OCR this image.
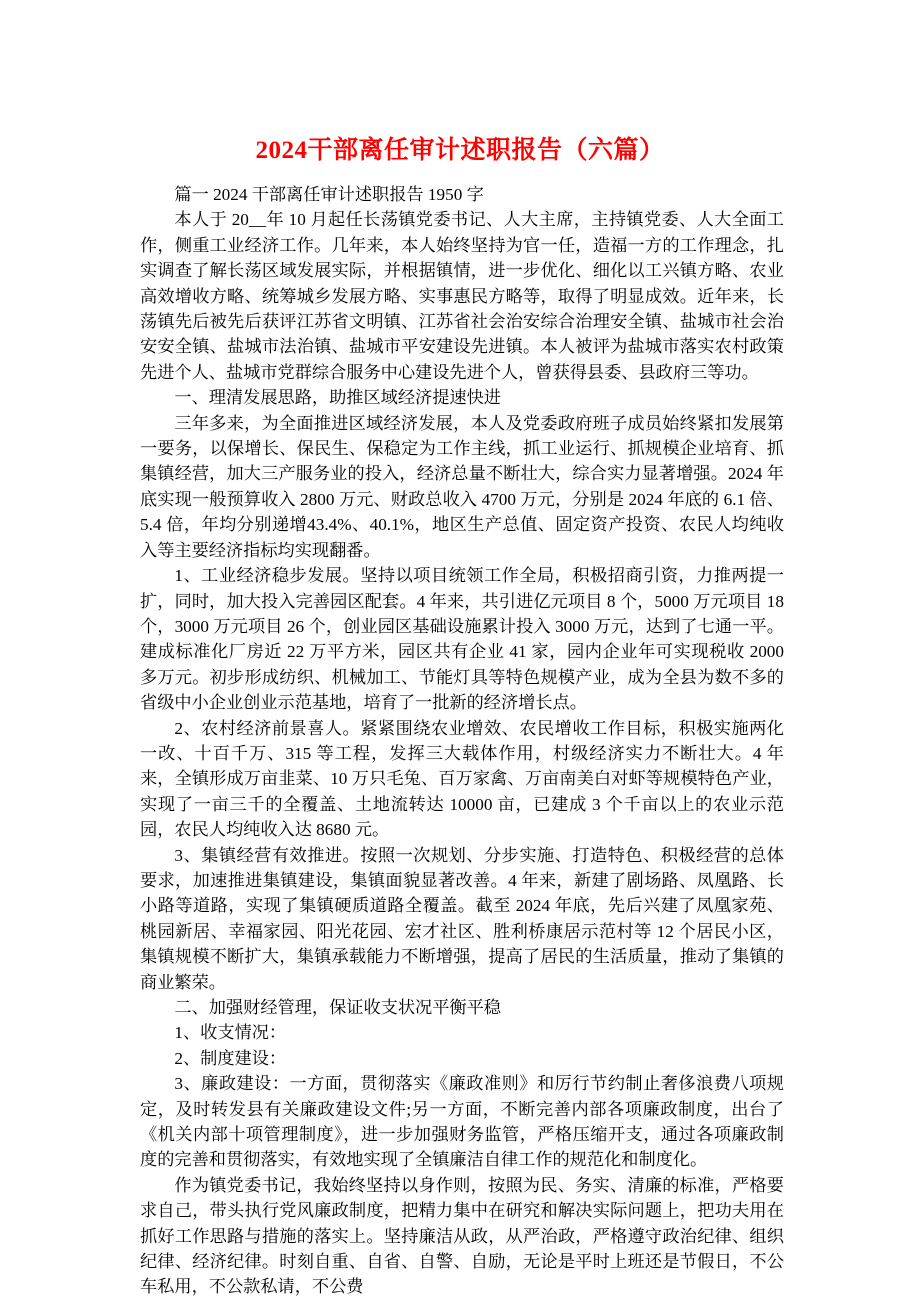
2024干部离任审计述职报告（六篇）

篇一 2024 干部离任审计述职报告 1950 字

本人于 20__年 10 月起任长荡镇党委书记、人大主席，主持镇党委、人大全面工作，侧重工业经济工作。几年来，本人始终坚持为官一任，造福一方的工作理念，扎实调查了解长荡区域发展实际，并根据镇情，进一步优化、细化以工兴镇方略、农业高效增收方略、统筹城乡发展方略、实事惠民方略等，取得了明显成效。近年来，长荡镇先后被先后获评江苏省文明镇、江苏省社会治安综合治理安全镇、盐城市社会治安安全镇、盐城市法治镇、盐城市平安建设先进镇。本人被评为盐城市落实农村政策先进个人、盐城市党群综合服务中心建设先进个人，曾获得县委、县政府三等功。

一、理清发展思路，助推区域经济提速快进

三年多来，为全面推进区域经济发展，本人及党委政府班子成员始终紧扣发展第一要务，以保增长、保民生、保稳定为工作主线，抓工业运行、抓规模企业培育、抓集镇经营，加大三产服务业的投入，经济总量不断壮大，综合实力显著增强。2024 年底实现一般预算收入 2800 万元、财政总收入 4700 万元，分别是 2024 年底的 6.1 倍、5.4 倍，年均分别递增43.4%、40.1%，地区生产总值、固定资产投资、农民人均纯收入等主要经济指标均实现翻番。

1、工业经济稳步发展。坚持以项目统领工作全局，积极招商引资，力推两提一扩，同时，加大投入完善园区配套。4 年来，共引进亿元项目 8 个，5000 万元项目 18 个，3000 万元项目 26 个，创业园区基础设施累计投入 3000 万元，达到了七通一平。建成标准化厂房近 22 万平方米，园区共有企业 41 家，园内企业年可实现税收 2000 多万元。初步形成纺织、机械加工、节能灯具等特色规模产业，成为全县为数不多的省级中小企业创业示范基地，培育了一批新的经济增长点。

2、农村经济前景喜人。紧紧围绕农业增效、农民增收工作目标，积极实施两化一改、十百千万、315 等工程，发挥三大载体作用，村级经济实力不断壮大。4 年来，全镇形成万亩韭菜、10 万只毛兔、百万家禽、万亩南美白对虾等规模特色产业，实现了一亩三千的全覆盖、土地流转达 10000 亩，已建成 3 个千亩以上的农业示范园，农民人均纯收入达 8680 元。

3、集镇经营有效推进。按照一次规划、分步实施、打造特色、积极经营的总体要求，加速推进集镇建设，集镇面貌显著改善。4 年来，新建了剧场路、凤凰路、长小路等道路，实现了集镇硬质道路全覆盖。截至 2024 年底，先后兴建了凤凰家苑、桃园新居、幸福家园、阳光花园、宏才社区、胜利桥康居示范村等 12 个居民小区，集镇规模不断扩大，集镇承载能力不断增强，提高了居民的生活质量，推动了集镇的商业繁荣。

二、加强财经管理，保证收支状况平衡平稳

1、收支情况：

2、制度建设：

3、廉政建设：一方面，贯彻落实《廉政准则》和厉行节约制止奢侈浪费八项规定，及时转发县有关廉政建设文件;另一方面，不断完善内部各项廉政制度，出台了《机关内部十项管理制度》，进一步加强财务监管，严格压缩开支，通过各项廉政制度的完善和贯彻落实，有效地实现了全镇廉洁自律工作的规范化和制度化。

作为镇党委书记，我始终坚持以身作则，按照为民、务实、清廉的标准，严格要求自己，带头执行党风廉政制度，把精力集中在研究和解决实际问题上，把功夫用在抓好工作思路与措施的落实上。坚持廉洁从政，从严治政，严格遵守政治纪律、组织纪律、经济纪律。时刻自重、自省、自警、自励，无论是平时上班还是节假日，不公车私用，不公款私请，不公费
